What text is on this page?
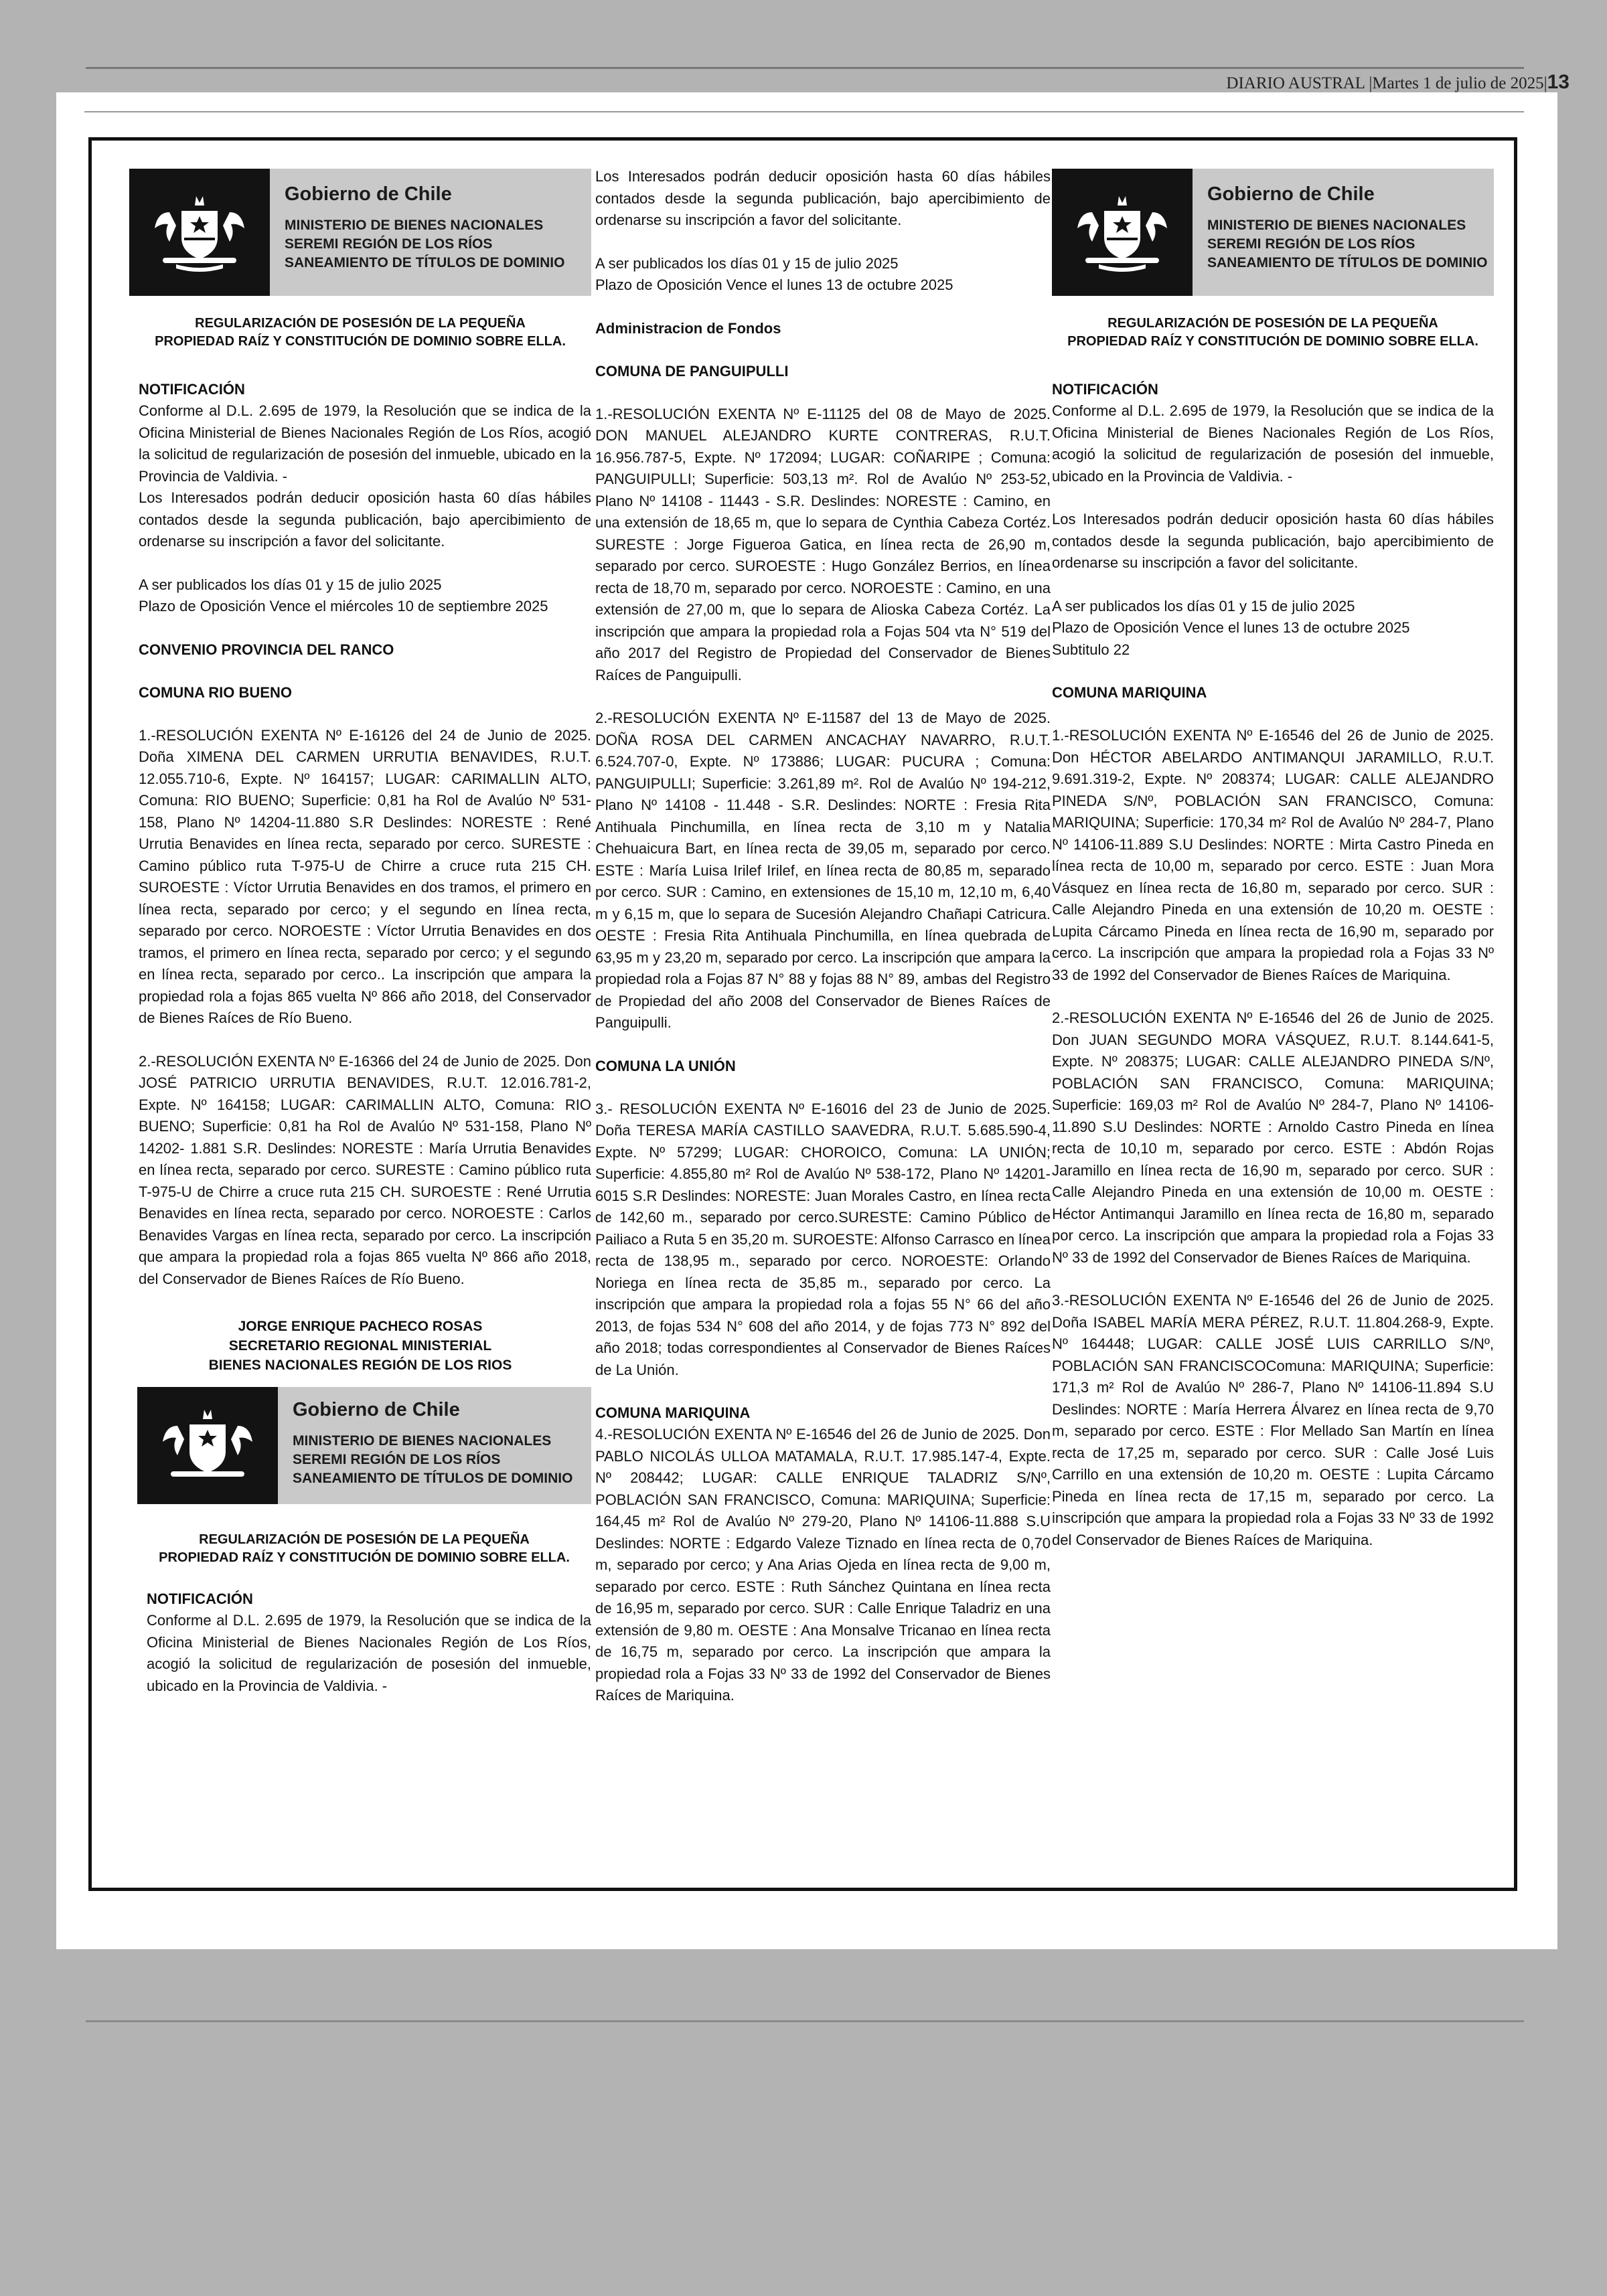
DIARIO AUSTRAL |Martes 1 de julio de 2025|13
Gobierno de Chile
MINISTERIO DE BIENES NACIONALES
SEREMI REGIÓN DE LOS RÍOS
SANEAMIENTO DE TÍTULOS DE DOMINIO
REGULARIZACIÓN DE POSESIÓN DE LA PEQUEÑA
PROPIEDAD RAÍZ Y CONSTITUCIÓN DE DOMINIO SOBRE ELLA.
NOTIFICACIÓN
Conforme al D.L. 2.695 de 1979, la Resolución que se indica de la Oficina Ministerial de Bienes Nacionales Región de Los Ríos, acogió la solicitud de regularización de posesión del inmueble, ubicado en la Provincia de Valdivia. -
Los Interesados podrán deducir oposición hasta 60 días hábiles contados desde la segunda publicación, bajo apercibimiento de ordenarse su inscripción a favor del solicitante.
A ser publicados los días 01 y 15 de julio 2025
Plazo de Oposición Vence el miércoles 10 de septiembre 2025
CONVENIO PROVINCIA DEL RANCO
COMUNA RIO BUENO
1.-RESOLUCIÓN EXENTA Nº E-16126 del 24 de Junio de 2025. Doña XIMENA DEL CARMEN URRUTIA BENAVIDES, R.U.T. 12.055.710-6, Expte. Nº 164157; LUGAR: CARIMALLIN ALTO, Comuna: RIO BUENO; Superficie: 0,81 ha Rol de Avalúo Nº 531-158, Plano Nº 14204-11.880 S.R Deslindes: NORESTE : René Urrutia Benavides en línea recta, separado por cerco. SURESTE : Camino público ruta T-975-U de Chirre a cruce ruta 215 CH. SUROESTE : Víctor Urrutia Benavides en dos tramos, el primero en línea recta, separado por cerco; y el segundo en línea recta, separado por cerco. NOROESTE : Víctor Urrutia Benavides en dos tramos, el primero en línea recta, separado por cerco; y el segundo en línea recta, separado por cerco.. La inscripción que ampara la propiedad rola a fojas 865 vuelta Nº 866 año 2018, del Conservador de Bienes Raíces de Río Bueno.
2.-RESOLUCIÓN EXENTA Nº E-16366 del 24 de Junio de 2025. Don JOSÉ PATRICIO URRUTIA BENAVIDES, R.U.T. 12.016.781-2, Expte. Nº 164158; LUGAR: CARIMALLIN ALTO, Comuna: RIO BUENO; Superficie: 0,81 ha Rol de Avalúo Nº 531-158, Plano Nº 14202- 1.881 S.R. Deslindes: NORESTE : María Urrutia Benavides en línea recta, separado por cerco. SURESTE : Camino público ruta T-975-U de Chirre a cruce ruta 215 CH. SUROESTE : René Urrutia Benavides en línea recta, separado por cerco. NOROESTE : Carlos Benavides Vargas en línea recta, separado por cerco. La inscripción que ampara la propiedad rola a fojas 865 vuelta Nº 866 año 2018, del Conservador de Bienes Raíces de Río Bueno.
JORGE ENRIQUE PACHECO ROSAS
SECRETARIO REGIONAL MINISTERIAL
BIENES NACIONALES REGIÓN DE LOS RIOS
Gobierno de Chile
MINISTERIO DE BIENES NACIONALES
SEREMI REGIÓN DE LOS RÍOS
SANEAMIENTO DE TÍTULOS DE DOMINIO
REGULARIZACIÓN DE POSESIÓN DE LA PEQUEÑA
PROPIEDAD RAÍZ Y CONSTITUCIÓN DE DOMINIO SOBRE ELLA.
NOTIFICACIÓN
Conforme al D.L. 2.695 de 1979, la Resolución que se indica de la Oficina Ministerial de Bienes Nacionales Región de Los Ríos, acogió la solicitud de regularización de posesión del inmueble, ubicado en la Provincia de Valdivia. -
Los Interesados podrán deducir oposición hasta 60 días hábiles contados desde la segunda publicación, bajo apercibimiento de ordenarse su inscripción a favor del solicitante.
A ser publicados los días 01 y 15 de julio 2025
Plazo de Oposición Vence el lunes 13 de octubre 2025
Administracion de Fondos
COMUNA DE PANGUIPULLI
1.-RESOLUCIÓN EXENTA Nº E-11125 del 08 de Mayo de 2025. DON MANUEL ALEJANDRO KURTE CONTRERAS, R.U.T. 16.956.787-5, Expte. Nº 172094; LUGAR: COÑARIPE ; Comuna: PANGUIPULLI; Superficie: 503,13 m². Rol de Avalúo Nº 253-52, Plano Nº 14108 - 11443 - S.R. Deslindes: NORESTE : Camino, en una extensión de 18,65 m, que lo separa de Cynthia Cabeza Cortéz. SURESTE : Jorge Figueroa Gatica, en línea recta de 26,90 m, separado por cerco. SUROESTE : Hugo González Berrios, en línea recta de 18,70 m, separado por cerco. NOROESTE : Camino, en una extensión de 27,00 m, que lo separa de Alioska Cabeza Cortéz. La inscripción que ampara la propiedad rola a Fojas 504 vta N° 519 del año 2017 del Registro de Propiedad del Conservador de Bienes Raíces de Panguipulli.
2.-RESOLUCIÓN EXENTA Nº E-11587 del 13 de Mayo de 2025. DOÑA ROSA DEL CARMEN ANCACHAY NAVARRO, R.U.T. 6.524.707-0, Expte. Nº 173886; LUGAR: PUCURA ; Comuna: PANGUIPULLI; Superficie: 3.261,89 m². Rol de Avalúo Nº 194-212, Plano Nº 14108 - 11.448 - S.R. Deslindes: NORTE : Fresia Rita Antihuala Pinchumilla, en línea recta de 3,10 m y Natalia Chehuaicura Bart, en línea recta de 39,05 m, separado por cerco. ESTE : María Luisa Irilef Irilef, en línea recta de 80,85 m, separado por cerco. SUR : Camino, en extensiones de 15,10 m, 12,10 m, 6,40 m y 6,15 m, que lo separa de Sucesión Alejandro Chañapi Catricura. OESTE : Fresia Rita Antihuala Pinchumilla, en línea quebrada de 63,95 m y 23,20 m, separado por cerco. La inscripción que ampara la propiedad rola a Fojas 87 N° 88 y fojas 88 N° 89, ambas del Registro de Propiedad del año 2008 del Conservador de Bienes Raíces de Panguipulli.
COMUNA LA UNIÓN
3.- RESOLUCIÓN EXENTA Nº E-16016 del 23 de Junio de 2025. Doña TERESA MARÍA CASTILLO SAAVEDRA, R.U.T. 5.685.590-4, Expte. Nº 57299; LUGAR: CHOROICO, Comuna: LA UNIÓN; Superficie: 4.855,80 m² Rol de Avalúo Nº 538-172, Plano Nº 14201- 6015 S.R Deslindes: NORESTE: Juan Morales Castro, en línea recta de 142,60 m., separado por cerco.SURESTE: Camino Público de Pailiaco a Ruta 5 en 35,20 m. SUROESTE: Alfonso Carrasco en línea recta de 138,95 m., separado por cerco. NOROESTE: Orlando Noriega en línea recta de 35,85 m., separado por cerco. La inscripción que ampara la propiedad rola a fojas 55 N° 66 del año 2013, de fojas 534 N° 608 del año 2014, y de fojas 773 N° 892 del año 2018; todas correspondientes al Conservador de Bienes Raíces de La Unión.
COMUNA MARIQUINA
4.-RESOLUCIÓN EXENTA Nº E-16546 del 26 de Junio de 2025. Don PABLO NICOLÁS ULLOA MATAMALA, R.U.T. 17.985.147-4, Expte. Nº 208442; LUGAR: CALLE ENRIQUE TALADRIZ S/Nº, POBLACIÓN SAN FRANCISCO, Comuna: MARIQUINA; Superficie: 164,45 m² Rol de Avalúo Nº 279-20, Plano Nº 14106-11.888 S.U Deslindes: NORTE : Edgardo Valeze Tiznado en línea recta de 0,70 m, separado por cerco; y Ana Arias Ojeda en línea recta de 9,00 m, separado por cerco. ESTE : Ruth Sánchez Quintana en línea recta de 16,95 m, separado por cerco. SUR : Calle Enrique Taladriz en una extensión de 9,80 m. OESTE : Ana Monsalve Tricanao en línea recta de 16,75 m, separado por cerco. La inscripción que ampara la propiedad rola a Fojas 33 Nº 33 de 1992 del Conservador de Bienes Raíces de Mariquina.
Gobierno de Chile
MINISTERIO DE BIENES NACIONALES
SEREMI REGIÓN DE LOS RÍOS
SANEAMIENTO DE TÍTULOS DE DOMINIO
REGULARIZACIÓN DE POSESIÓN DE LA PEQUEÑA
PROPIEDAD RAÍZ Y CONSTITUCIÓN DE DOMINIO SOBRE ELLA.
NOTIFICACIÓN
Conforme al D.L. 2.695 de 1979, la Resolución que se indica de la Oficina Ministerial de Bienes Nacionales Región de Los Ríos, acogió la solicitud de regularización de posesión del inmueble, ubicado en la Provincia de Valdivia. -
Los Interesados podrán deducir oposición hasta 60 días hábiles contados desde la segunda publicación, bajo apercibimiento de ordenarse su inscripción a favor del solicitante.
A ser publicados los días 01 y 15 de julio 2025
Plazo de Oposición Vence el lunes 13 de octubre 2025
Subtitulo 22
COMUNA MARIQUINA
1.-RESOLUCIÓN EXENTA Nº E-16546 del 26 de Junio de 2025. Don HÉCTOR ABELARDO ANTIMANQUI JARAMILLO, R.U.T. 9.691.319-2, Expte. Nº 208374; LUGAR: CALLE ALEJANDRO PINEDA S/Nº, POBLACIÓN SAN FRANCISCO, Comuna: MARIQUINA; Superficie: 170,34 m² Rol de Avalúo Nº 284-7, Plano Nº 14106-11.889 S.U Deslindes: NORTE : Mirta Castro Pineda en línea recta de 10,00 m, separado por cerco. ESTE : Juan Mora Vásquez en línea recta de 16,80 m, separado por cerco. SUR : Calle Alejandro Pineda en una extensión de 10,20 m. OESTE : Lupita Cárcamo Pineda en línea recta de 16,90 m, separado por cerco. La inscripción que ampara la propiedad rola a Fojas 33 Nº 33 de 1992 del Conservador de Bienes Raíces de Mariquina.
2.-RESOLUCIÓN EXENTA Nº E-16546 del 26 de Junio de 2025. Don JUAN SEGUNDO MORA VÁSQUEZ, R.U.T. 8.144.641-5, Expte. Nº 208375; LUGAR: CALLE ALEJANDRO PINEDA S/Nº, POBLACIÓN SAN FRANCISCO, Comuna: MARIQUINA; Superficie: 169,03 m² Rol de Avalúo Nº 284-7, Plano Nº 14106-11.890 S.U Deslindes: NORTE : Arnoldo Castro Pineda en línea recta de 10,10 m, separado por cerco. ESTE : Abdón Rojas Jaramillo en línea recta de 16,90 m, separado por cerco. SUR : Calle Alejandro Pineda en una extensión de 10,00 m. OESTE : Héctor Antimanqui Jaramillo en línea recta de 16,80 m, separado por cerco. La inscripción que ampara la propiedad rola a Fojas 33 Nº 33 de 1992 del Conservador de Bienes Raíces de Mariquina.
3.-RESOLUCIÓN EXENTA Nº E-16546 del 26 de Junio de 2025. Doña ISABEL MARÍA MERA PÉREZ, R.U.T. 11.804.268-9, Expte. Nº 164448; LUGAR: CALLE JOSÉ LUIS CARRILLO S/Nº, POBLACIÓN SAN FRANCISCOComuna: MARIQUINA; Superficie: 171,3 m² Rol de Avalúo Nº 286-7, Plano Nº 14106-11.894 S.U Deslindes: NORTE : María Herrera Álvarez en línea recta de 9,70 m, separado por cerco. ESTE : Flor Mellado San Martín en línea recta de 17,25 m, separado por cerco. SUR : Calle José Luis Carrillo en una extensión de 10,20 m. OESTE : Lupita Cárcamo Pineda en línea recta de 17,15 m, separado por cerco. La inscripción que ampara la propiedad rola a Fojas 33 Nº 33 de 1992 del Conservador de Bienes Raíces de Mariquina.
